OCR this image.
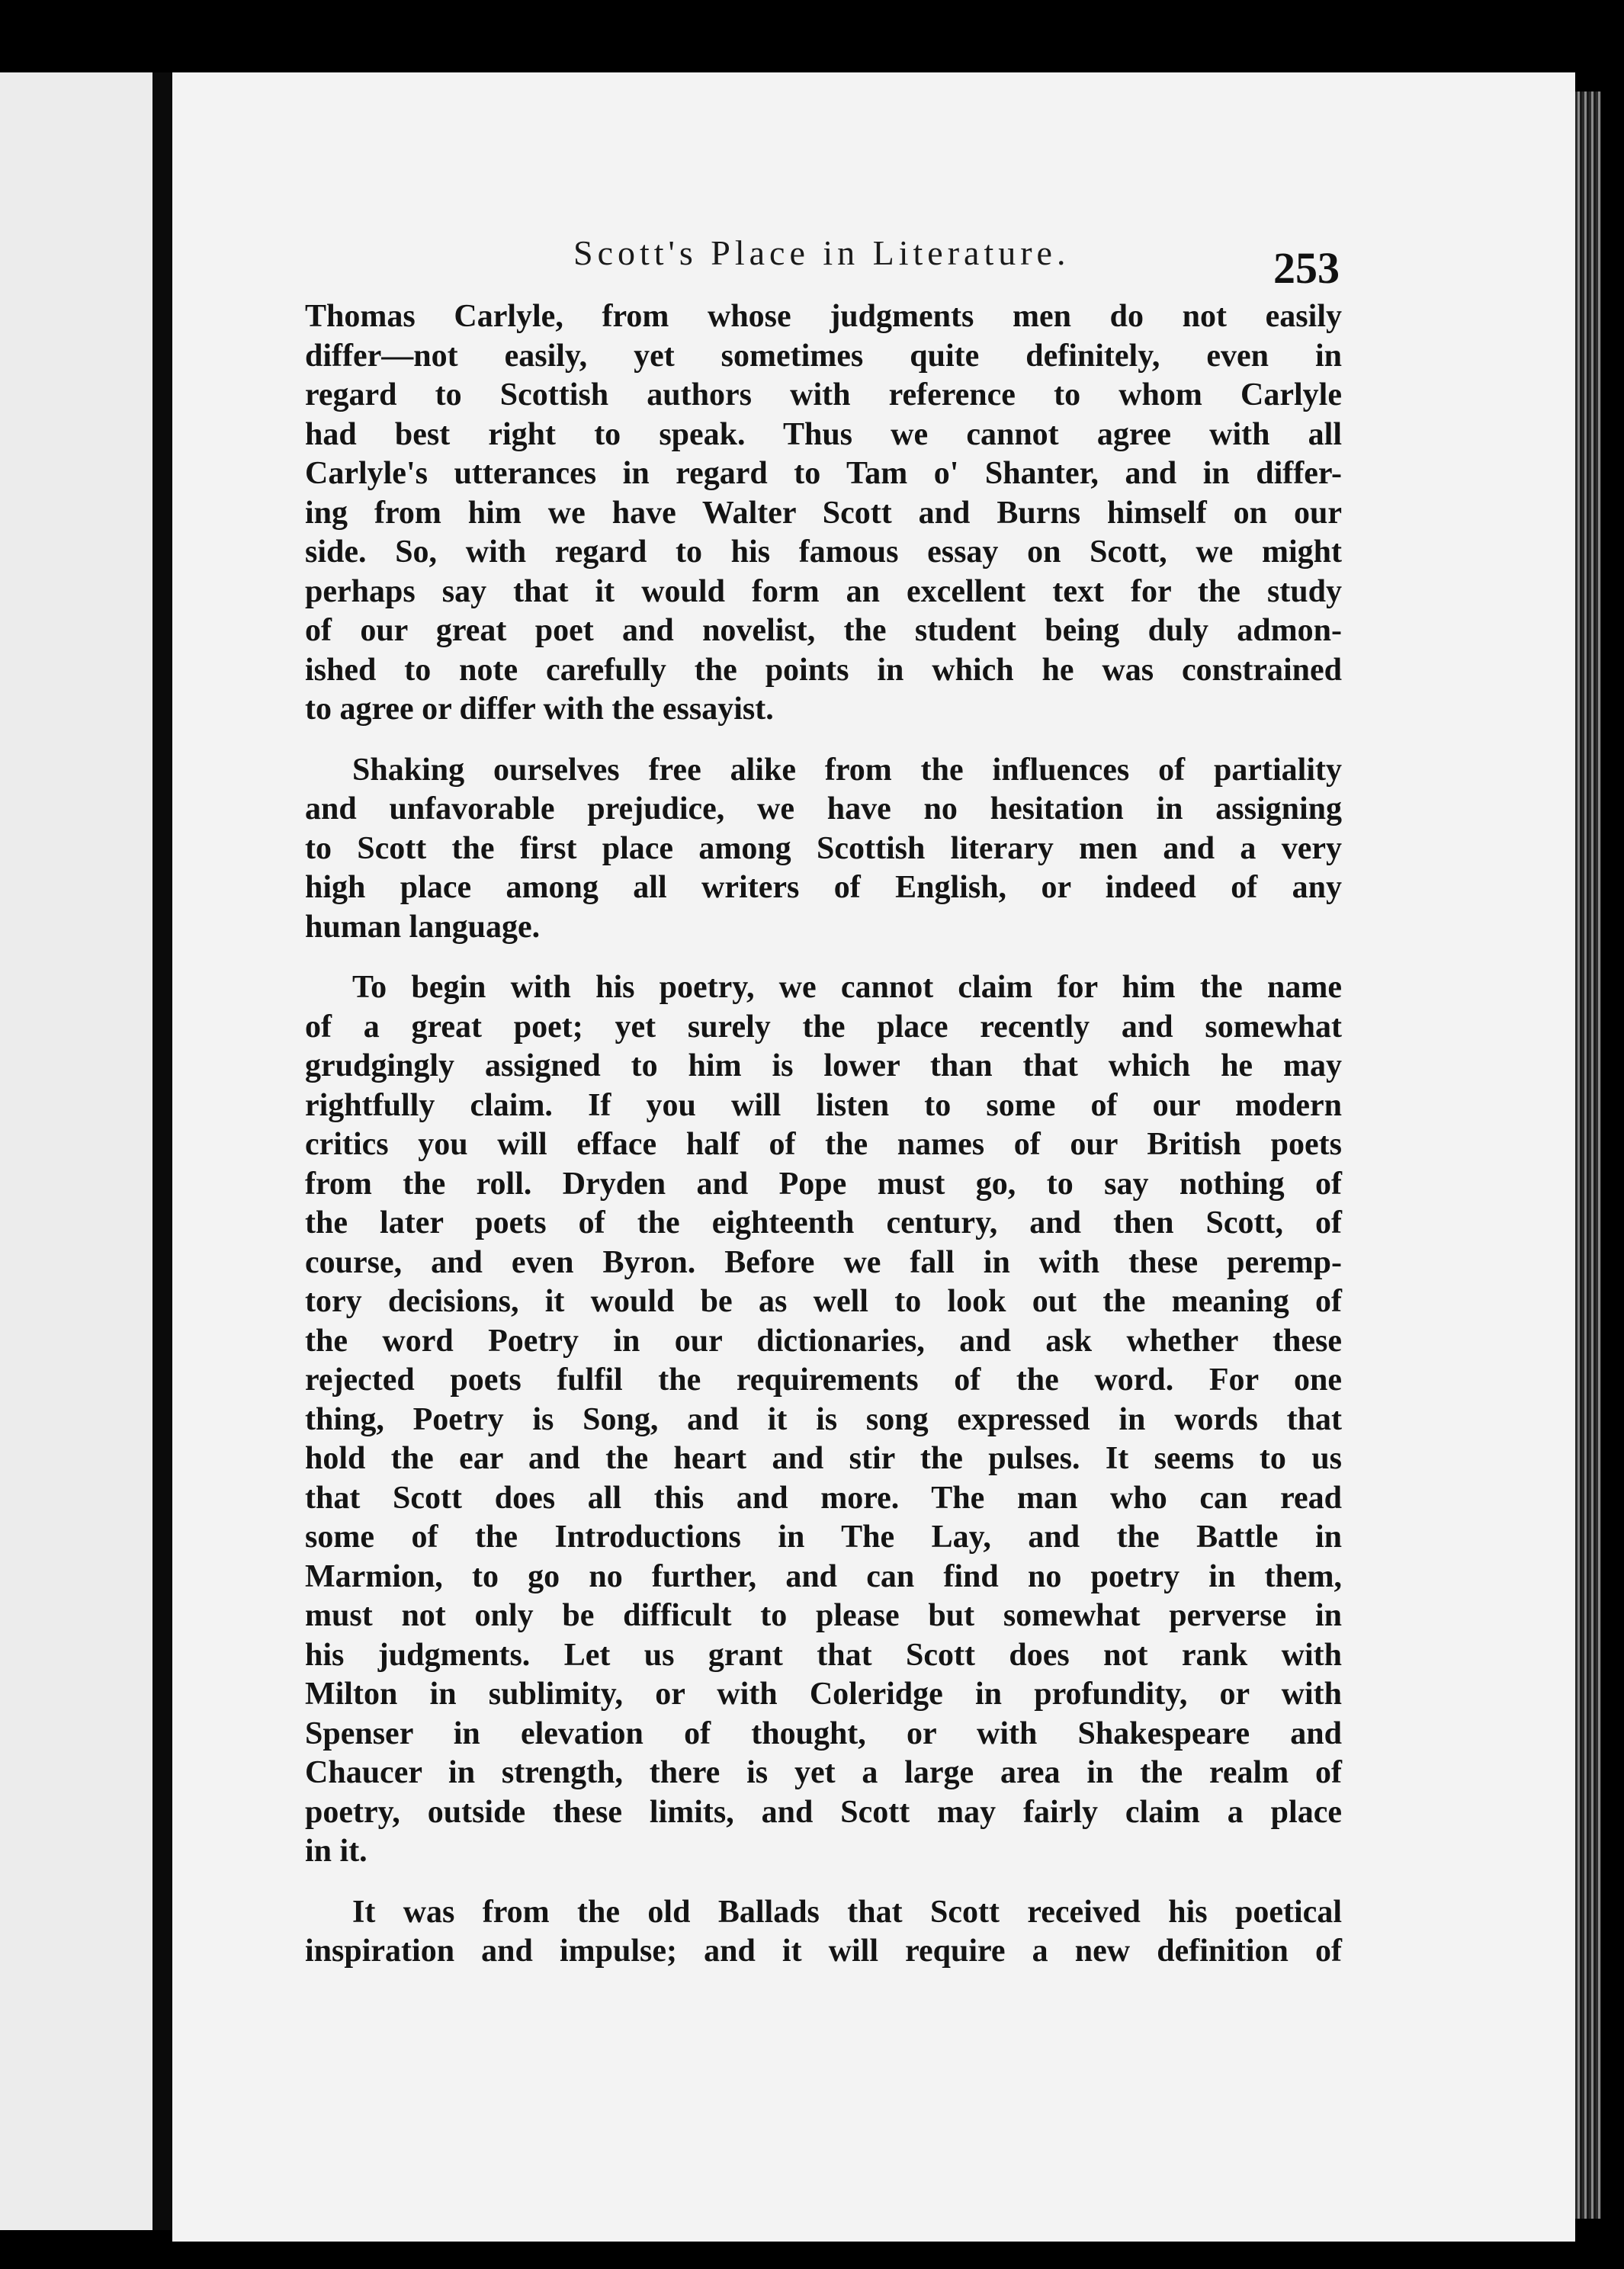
Scott's Place in Literature.	253
Thomas Carlyle, from whose judgments men do not easily
differ—not easily, yet sometimes quite definitely, even in
regard to Scottish authors with reference to whom Carlyle
had best right to speak. Thus we cannot agree with all
Carlyle's utterances in regard to Tam o' Shanter, and in differ-
ing from him we have Walter Scott and Burns himself on our
side. So, with regard to his famous essay on Scott, we might
perhaps say that it would form an excellent text for the study
of our great poet and novelist, the student being duly admon-
ished to note carefully the points in which he was constrained
to agree or differ with the essayist.
Shaking ourselves free alike from the influences of partiality
and unfavorable prejudice, we have no hesitation in assigning
to Scott the first place among Scottish literary men and a very
high place among all writers of English, or indeed of any
human language.
To begin with his poetry, we cannot claim for him the name
of a great poet; yet surely the place recently and somewhat
grudgingly assigned to him is lower than that which he may
rightfully claim. If you will listen to some of our modern
critics you will efface half of the names of our British poets
from the roll. Dryden and Pope must go, to say nothing of
the later poets of the eighteenth century, and then Scott, of
course, and even Byron. Before we fall in with these peremp-
tory decisions, it would be as well to look out the meaning of
the word Poetry in our dictionaries, and ask whether these
rejected poets fulfil the requirements of the word. For one
thing, Poetry is Song, and it is song expressed in words that
hold the ear and the heart and stir the pulses. It seems to us
that Scott does all this and more. The man who can read
some of the Introductions in The Lay, and the Battle in
Marmion, to go no further, and can find no poetry in them,
must not only be difficult to please but somewhat perverse in
his judgments. Let us grant that Scott does not rank with
Milton in sublimity, or with Coleridge in profundity, or with
Spenser in elevation of thought, or with Shakespeare and
Chaucer in strength, there is yet a large area in the realm of
poetry, outside these limits, and Scott may fairly claim a place
in it.
It was from the old Ballads that Scott received his poetical
inspiration and impulse; and it will require a new definition of
